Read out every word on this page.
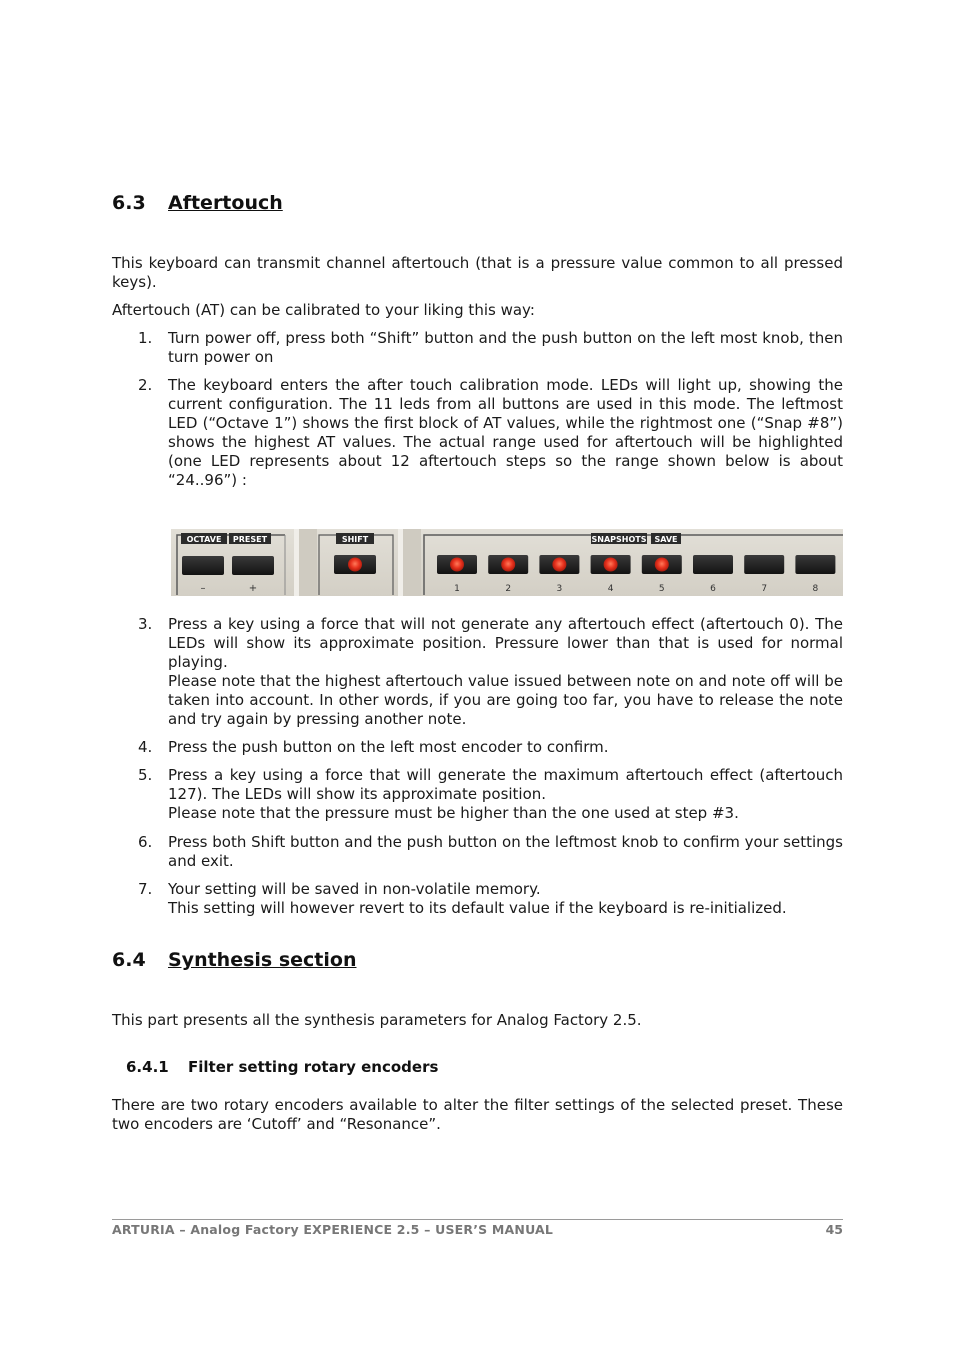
6.3 Aftertouch

This keyboard can transmit channel aftertouch (that is a pressure value common to all pressed keys).

Aftertouch (AT) can be calibrated to your liking this way:

1.	Turn power off, press both “Shift” button and the push button on the left most knob, then turn power on
2.	The keyboard enters the after touch calibration mode. LEDs will light up, showing the current configuration. The 11 leds from all buttons are used in this mode. The leftmost LED (“Octave 1”) shows the first block of AT values, while the rightmost one (“Snap #8”) shows the highest AT values. The actual range used for aftertouch will be highlighted (one LED represents about 12 aftertouch steps so the range shown below is about “24..96”) :
OCTAVE PRESET
–	+
SHIFT	SNAPSHOTS SAVE
1	2	3	4	5	6	7	8
3.	Press a key using a force that will not generate any aftertouch effect (aftertouch 0). The LEDs will show its approximate position. Pressure lower than that is used for normal playing.
Please note that the highest aftertouch value issued between note on and note off will be taken into account. In other words, if you are going too far, you have to release the note and try again by pressing another note.
4.	Press the push button on the left most encoder to confirm.
5.	Press a key using a force that will generate the maximum aftertouch effect (aftertouch 127). The LEDs will show its approximate position.
Please note that the pressure must be higher than the one used at step #3.
6.	Press both Shift button and the push button on the leftmost knob to confirm your settings and exit.
7.	Your setting will be saved in non-volatile memory.
This setting will however revert to its default value if the keyboard is re-initialized.
6.4 Synthesis section

This part presents all the synthesis parameters for Analog Factory 2.5.

6.4.1 Filter setting rotary encoders

There are two rotary encoders available to alter the filter settings of the selected preset. These two encoders are ‘Cutoff’ and “Resonance”.

ARTURIA – Analog Factory EXPERIENCE 2.5 – USER’S MANUAL	45
